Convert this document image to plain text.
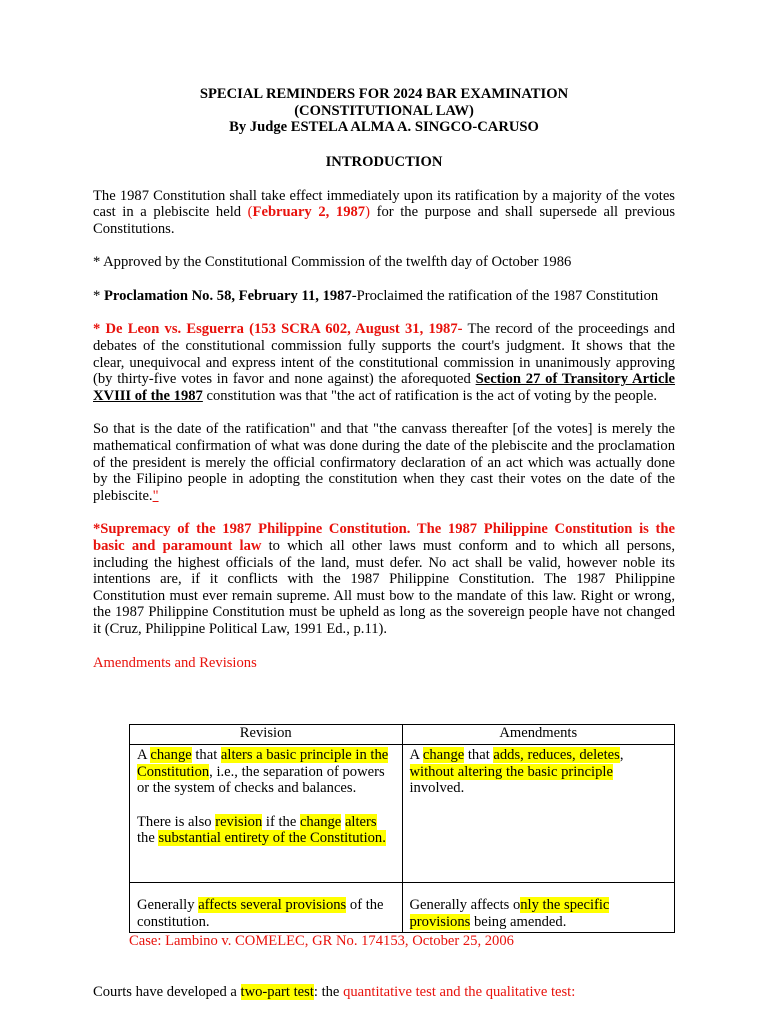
SPECIAL REMINDERS FOR 2024 BAR EXAMINATION
(CONSTITUTIONAL LAW)
By Judge ESTELA ALMA A. SINGCO-CARUSO
INTRODUCTION

The 1987 Constitution shall take effect immediately upon its ratification by a majority of the votes cast in a plebiscite held (February 2, 1987) for the purpose and shall supersede all previous Constitutions.

* Approved by the Constitutional Commission of the twelfth day of October 1986

* Proclamation No. 58, February 11, 1987-Proclaimed the ratification of the 1987 Constitution

* De Leon vs. Esguerra (153 SCRA 602, August 31, 1987- The record of the proceedings and debates of the constitutional commission fully supports the court's judgment. It shows that the clear, unequivocal and express intent of the constitutional commission in unanimously approving (by thirty-five votes in favor and none against) the aforequoted Section 27 of Transitory Article XVIII of the 1987 constitution was that "the act of ratification is the act of voting by the people.

So that is the date of the ratification" and that "the canvass thereafter [of the votes] is merely the mathematical confirmation of what was done during the date of the plebiscite and the proclamation of the president is merely the official confirmatory declaration of an act which was actually done by the Filipino people in adopting the constitution when they cast their votes on the date of the plebiscite."

*Supremacy of the 1987 Philippine Constitution. The 1987 Philippine Constitution is the basic and paramount law to which all other laws must conform and to which all persons, including the highest officials of the land, must defer. No act shall be valid, however noble its intentions are, if it conflicts with the 1987 Philippine Constitution. The 1987 Philippine Constitution must ever remain supreme. All must bow to the mandate of this law. Right or wrong, the 1987 Philippine Constitution must be upheld as long as the sovereign people have not changed it (Cruz, Philippine Political Law, 1991 Ed., p.11).

Amendments and Revisions

Revision	Amendments

A change that alters a basic principle in the Constitution, i.e., the separation of powers or the system of checks and balances.
There is also revision if the change alters the substantial entirety of the Constitution.	A change that adds, reduces, deletes, without altering the basic principle involved.
Generally affects several provisions of the constitution.	Generally affects only the specific provisions being amended.
Case: Lambino v. COMELEC, GR No. 174153, October 25, 2006
Courts have developed a two-part test: the quantitative test and the qualitative test:
